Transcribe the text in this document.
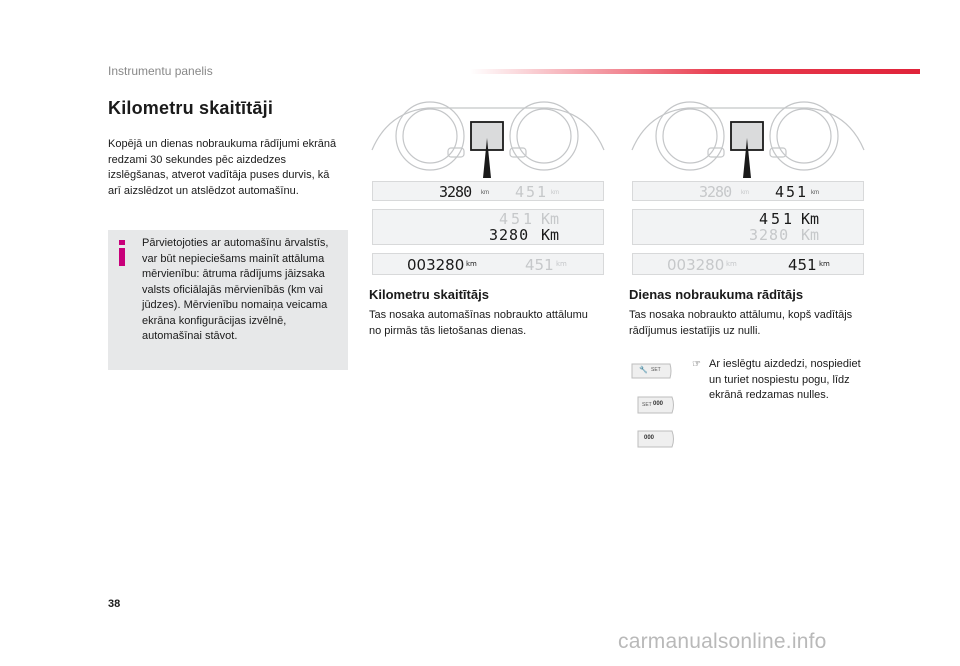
Instrumentu panelis
Kilometru skaitītāji
Kopējā un dienas nobraukuma rādījumi ekrānā redzami 30 sekundes pēc aizdedzes izslēgšanas, atverot vadītāja puses durvis, kā arī aizslēdzot un atslēdzot automašīnu.
Pārvietojoties ar automašīnu ārvalstīs, var būt nepieciešams mainīt attāluma mērvienību: ātruma rādījums jāizsaka valsts oficiālajās mērvienībās (km vai jūdzes). Mērvienību nomaiņa veicama ekrāna konfigurācijas izvēlnē, automašīnai stāvot.
3280 km 451 km
451 Km
3280 Km
003280 km	451 km
Kilometru skaitītājs
Tas nosaka automašīnas nobraukto attālumu no pirmās tās lietošanas dienas.
3280 km 451 km
451 Km
3280 Km
003280 km	451 km
Dienas nobraukuma rādītājs
Tas nosaka nobraukto attālumu, kopš vadītājs rādījumus iestatījis uz nulli.
🔧 SET
SET 000
000
☞ Ar ieslēgtu aizdedzi, nospiediet un turiet nospiestu pogu, līdz ekrānā redzamas nulles.
38
carmanualsonline.info
